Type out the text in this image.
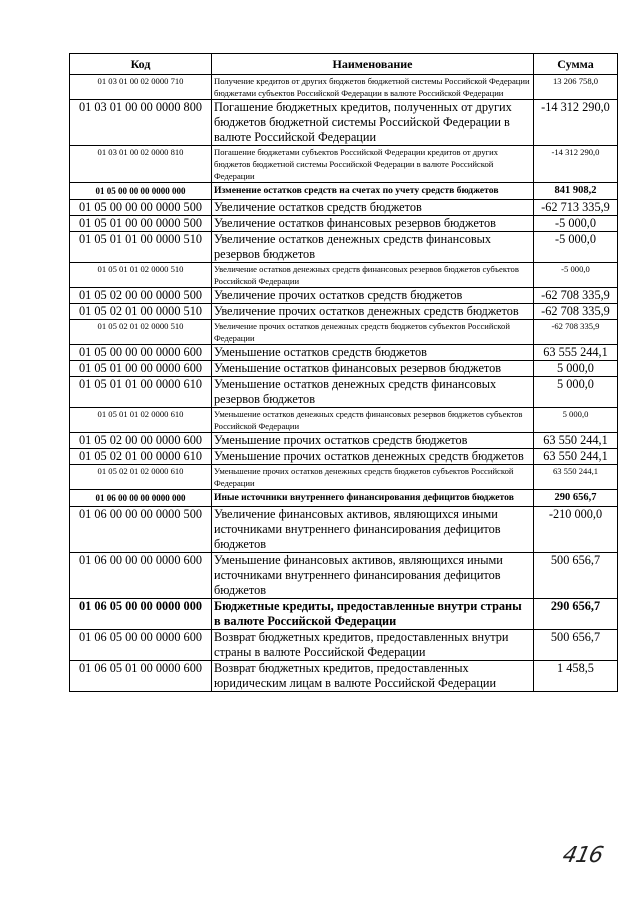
Код	Наименование	Сумма
01 03 01 00 02 0000 710	Получение кредитов от других бюджетов бюджетной системы Российской Федерации бюджетами субъектов Российской Федерации в валюте Российской Федерации	13 206 758,0
01 03 01 00 00 0000 800	Погашение бюджетных кредитов, полученных от других бюджетов бюджетной системы Российской Федерации в валюте Российской Федерации	-14 312 290,0
01 03 01 00 02 0000 810	Погашение бюджетами субъектов Российской Федерации кредитов от других бюджетов бюджетной системы Российской Федерации в валюте Российской Федерации	-14 312 290,0
01 05 00 00 00 0000 000	Изменение остатков средств на счетах по учету средств бюджетов	841 908,2
01 05 00 00 00 0000 500	Увеличение остатков средств бюджетов	-62 713 335,9
01 05 01 00 00 0000 500	Увеличение остатков финансовых резервов бюджетов	-5 000,0
01 05 01 01 00 0000 510	Увеличение остатков денежных средств финансовых резервов бюджетов	-5 000,0
01 05 01 01 02 0000 510	Увеличение остатков денежных средств финансовых резервов бюджетов субъектов Российской Федерации	-5 000,0
01 05 02 00 00 0000 500	Увеличение прочих остатков средств бюджетов	-62 708 335,9
01 05 02 01 00 0000 510	Увеличение прочих остатков денежных средств бюджетов	-62 708 335,9
01 05 02 01 02 0000 510	Увеличение прочих остатков денежных средств бюджетов субъектов Российской Федерации	-62 708 335,9
01 05 00 00 00 0000 600	Уменьшение остатков средств бюджетов	63 555 244,1
01 05 01 00 00 0000 600	Уменьшение остатков финансовых резервов бюджетов	5 000,0
01 05 01 01 00 0000 610	Уменьшение остатков денежных средств финансовых резервов бюджетов	5 000,0
01 05 01 01 02 0000 610	Уменьшение остатков денежных средств финансовых резервов бюджетов субъектов Российской Федерации	5 000,0
01 05 02 00 00 0000 600	Уменьшение прочих остатков средств бюджетов	63 550 244,1
01 05 02 01 00 0000 610	Уменьшение прочих остатков денежных средств бюджетов	63 550 244,1
01 05 02 01 02 0000 610	Уменьшение прочих остатков денежных средств бюджетов субъектов Российской Федерации	63 550 244,1
01 06 00 00 00 0000 000	Иные источники внутреннего финансирования дефицитов бюджетов	290 656,7
01 06 00 00 00 0000 500	Увеличение финансовых активов, являющихся иными источниками внутреннего финансирования дефицитов бюджетов	-210 000,0
01 06 00 00 00 0000 600	Уменьшение финансовых активов, являющихся иными источниками внутреннего финансирования дефицитов бюджетов	500 656,7
01 06 05 00 00 0000 000	Бюджетные кредиты, предоставленные внутри страны в валюте Российской Федерации	290 656,7
01 06 05 00 00 0000 600	Возврат бюджетных кредитов, предоставленных внутри страны в валюте Российской Федерации	500 656,7
01 06 05 01 00 0000 600	Возврат бюджетных кредитов, предоставленных юридическим лицам в валюте Российской Федерации	1 458,5
416
